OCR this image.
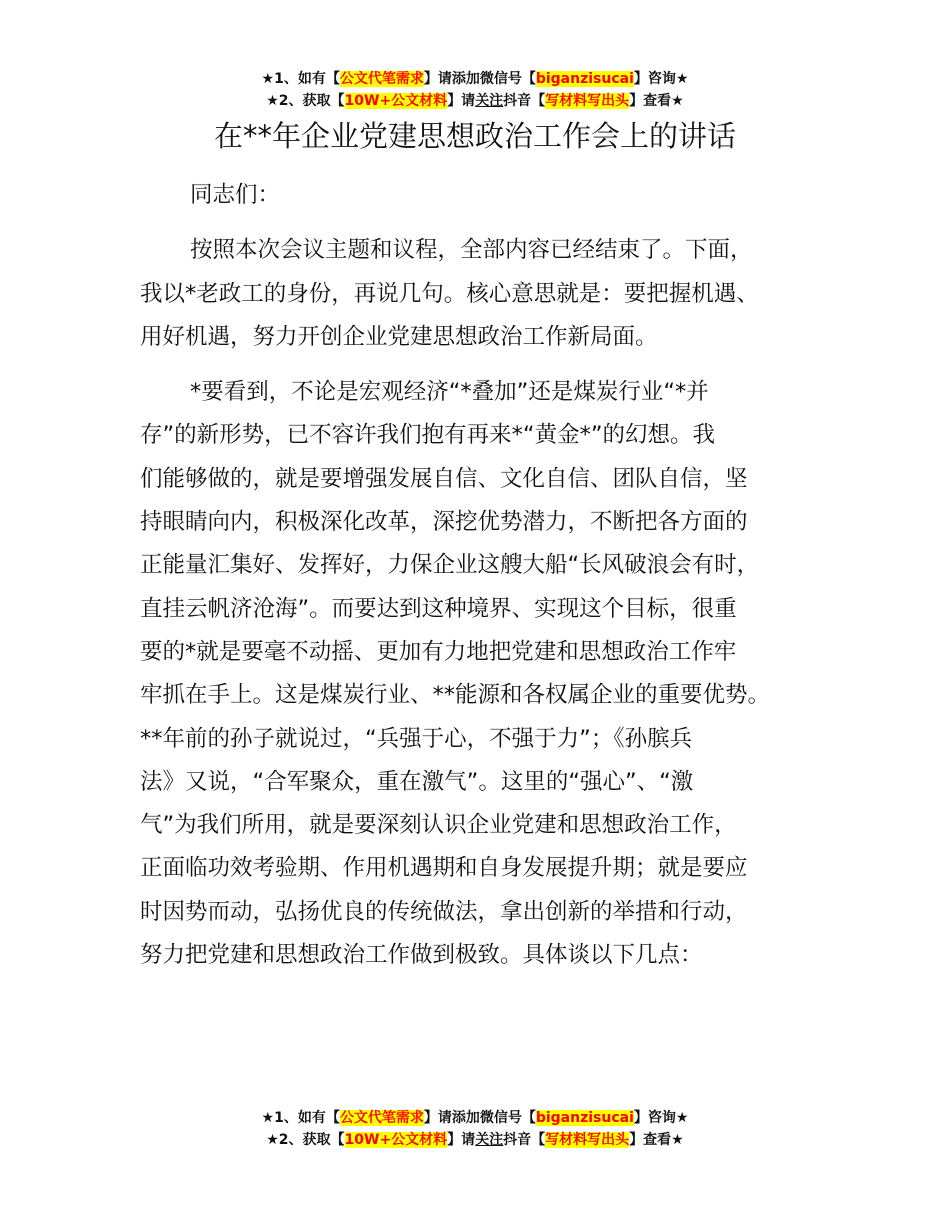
★1、如有【公文代笔需求】请添加微信号【biganzisucai】咨询★
★2、获取【10W+公文材料】请关注抖音【写材料写出头】查看★
在**年企业党建思想政治工作会上的讲话

同志们：

按照本次会议主题和议程，全部内容已经结束了。下面，
我以*老政工的身份，再说几句。核心意思就是：要把握机遇、
用好机遇，努力开创企业党建思想政治工作新局面。

*要看到，不论是宏观经济“*叠加”还是煤炭行业“*并
存”的新形势，已不容许我们抱有再来*“黄金*”的幻想。我
们能够做的，就是要增强发展自信、文化自信、团队自信，坚
持眼睛向内，积极深化改革，深挖优势潜力，不断把各方面的
正能量汇集好、发挥好，力保企业这艘大船“长风破浪会有时，
直挂云帆济沧海”。而要达到这种境界、实现这个目标，很重
要的*就是要毫不动摇、更加有力地把党建和思想政治工作牢
牢抓在手上。这是煤炭行业、**能源和各权属企业的重要优势。
**年前的孙子就说过，“兵强于心，不强于力”；《孙膑兵
法》又说，“合军聚众，重在激气”。这里的“强心”、“激
气”为我们所用，就是要深刻认识企业党建和思想政治工作，
正面临功效考验期、作用机遇期和自身发展提升期；就是要应
时因势而动，弘扬优良的传统做法，拿出创新的举措和行动，
努力把党建和思想政治工作做到极致。具体谈以下几点：

★1、如有【公文代笔需求】请添加微信号【biganzisucai】咨询★
★2、获取【10W+公文材料】请关注抖音【写材料写出头】查看★
